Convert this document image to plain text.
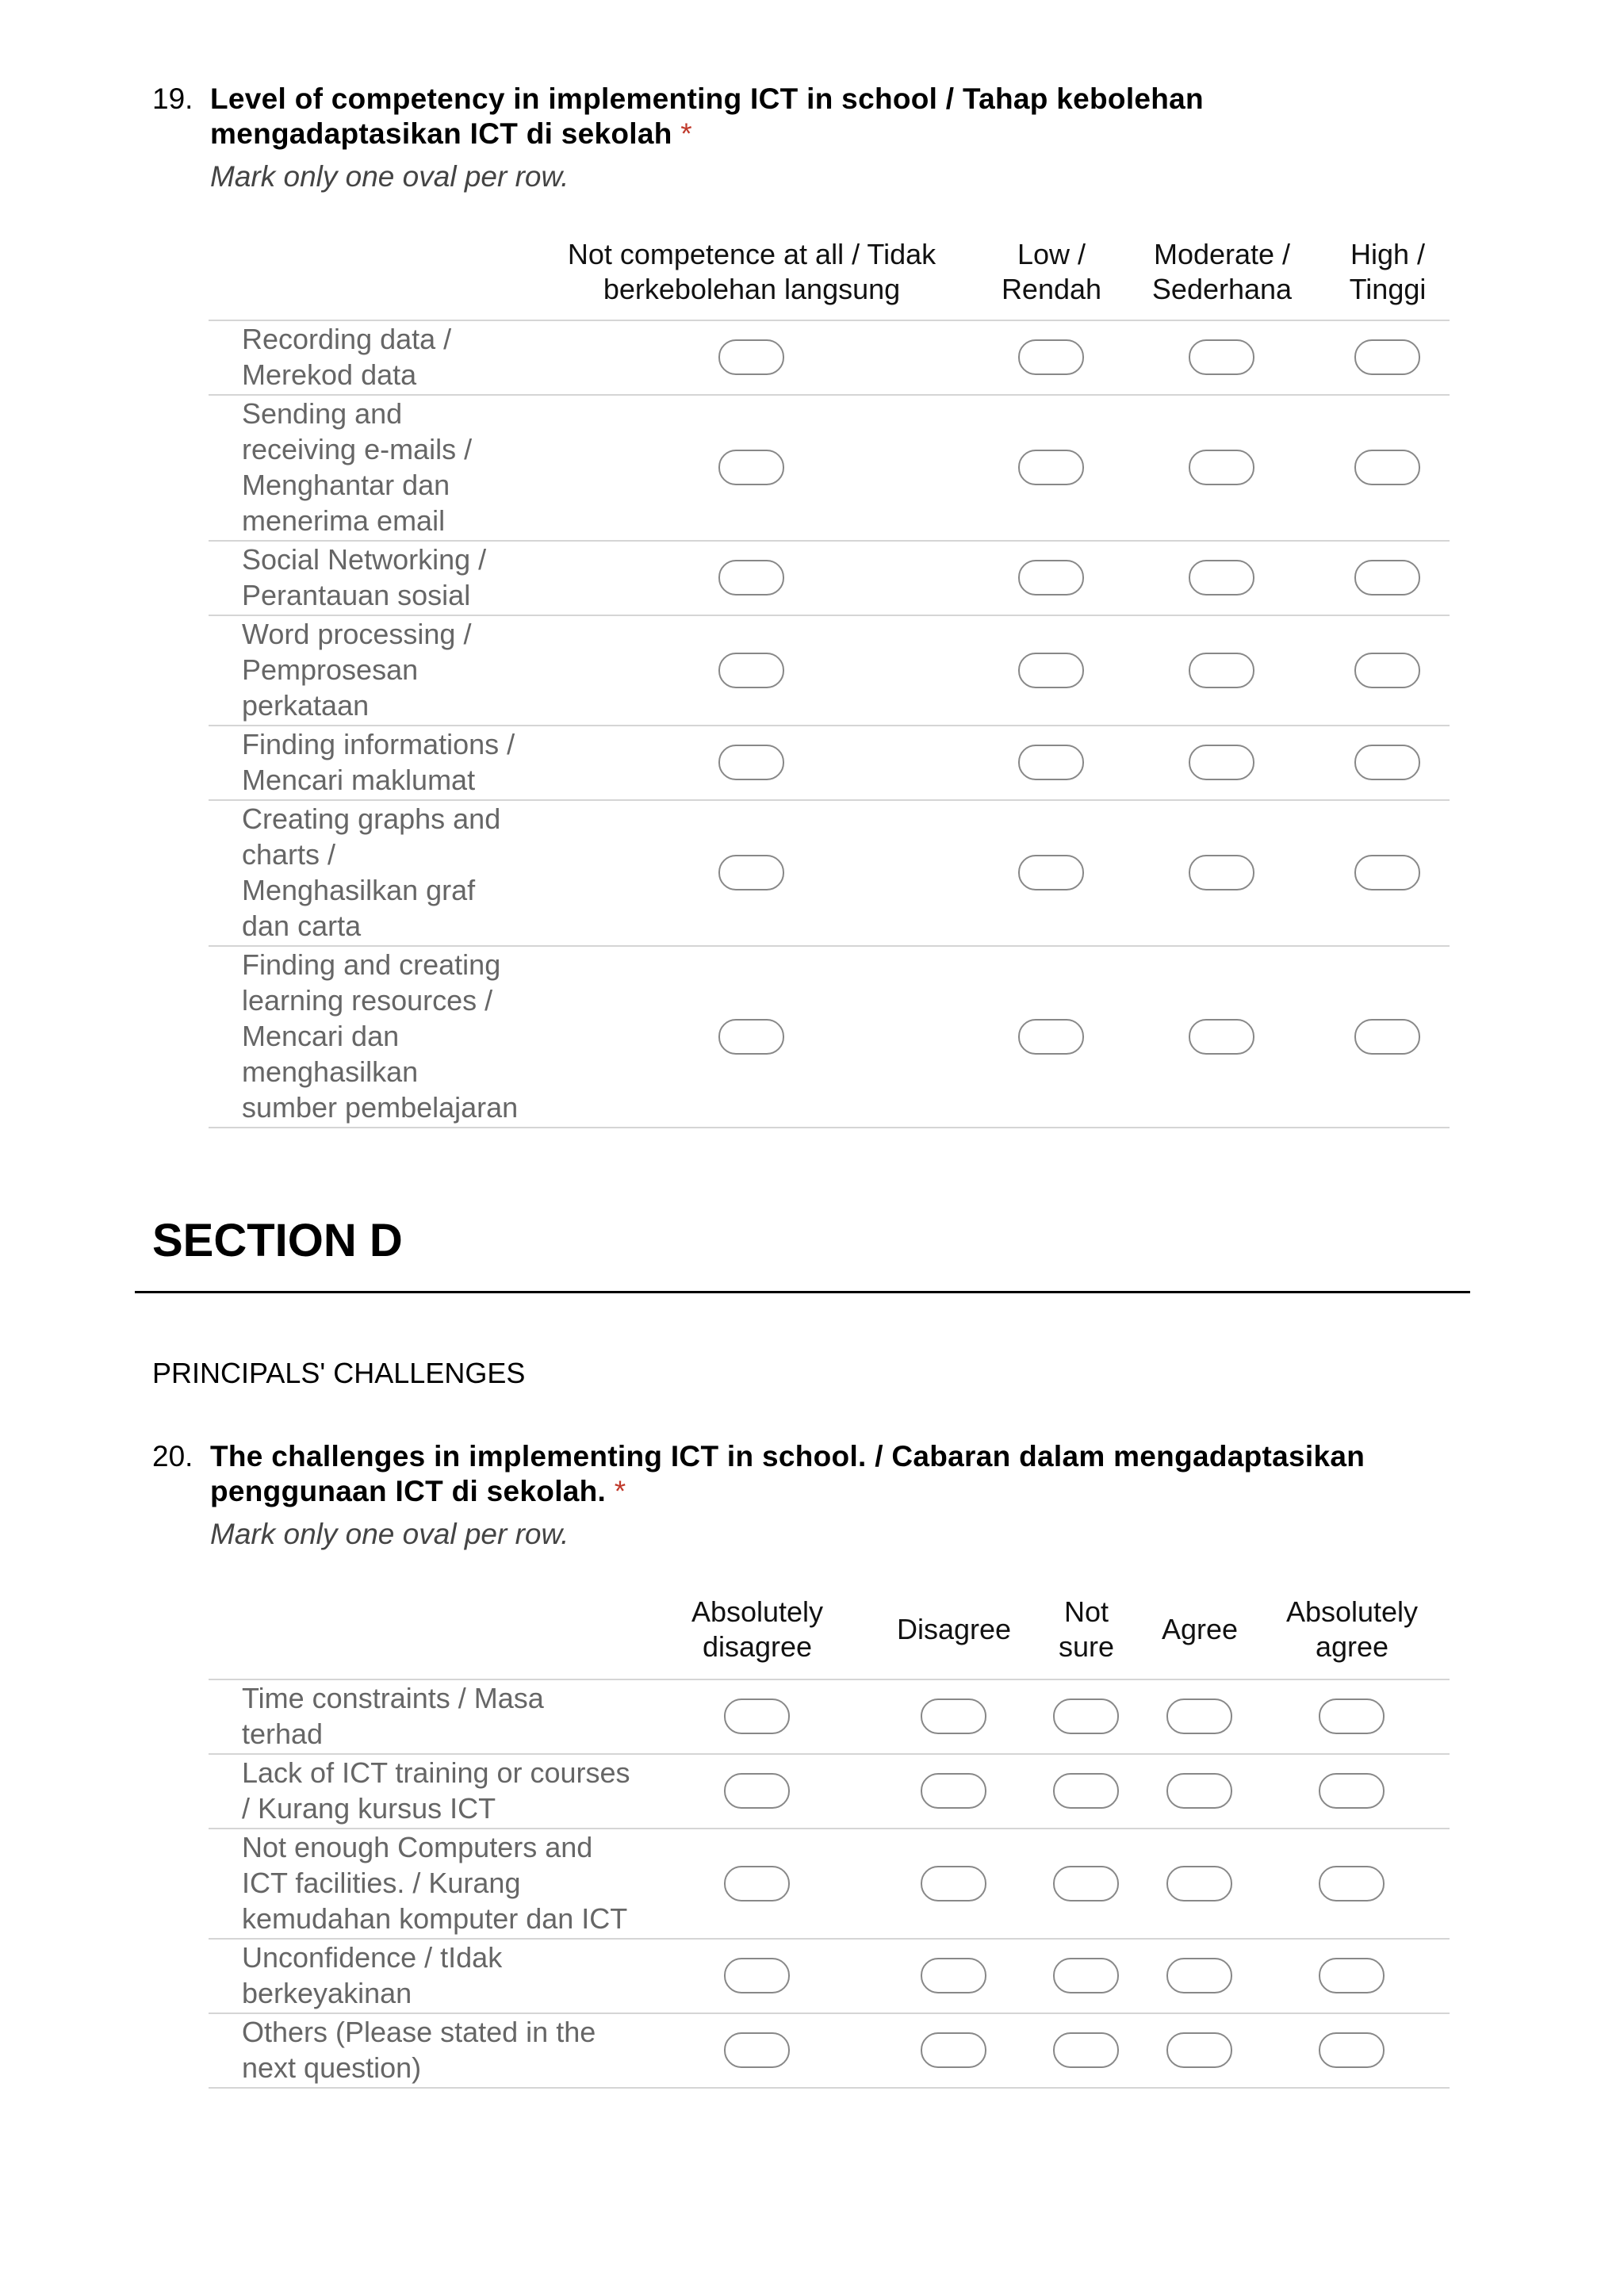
19. Level of competency in implementing ICT in school / Tahap kebolehan
mengadaptasikan ICT di sekolah *
Mark only one oval per row.
Not competence at all / Tidak
berkebolehan langsung
Low /
Rendah
Moderate /
Sederhana
High /
Tinggi
Recording data /
Merekod data
Sending and
receiving e-mails /
Menghantar dan
menerima email
Social Networking /
Perantauan sosial
Word processing /
Pemprosesan
perkataan
Finding informations /
Mencari maklumat
Creating graphs and
charts /
Menghasilkan graf
dan carta
Finding and creating
learning resources /
Mencari dan
menghasilkan
sumber pembelajaran
SECTION D
PRINCIPALS' CHALLENGES
20. The challenges in implementing ICT in school. / Cabaran dalam mengadaptasikan
penggunaan ICT di sekolah. *
Mark only one oval per row.
Absolutely
disagree
Disagree
Not
sure
Agree
Absolutely
agree
Time constraints / Masa
terhad
Lack of ICT training or courses
/ Kurang kursus ICT
Not enough Computers and
ICT facilities. / Kurang
kemudahan komputer dan ICT
Unconfidence / tIdak
berkeyakinan
Others (Please stated in the
next question)
